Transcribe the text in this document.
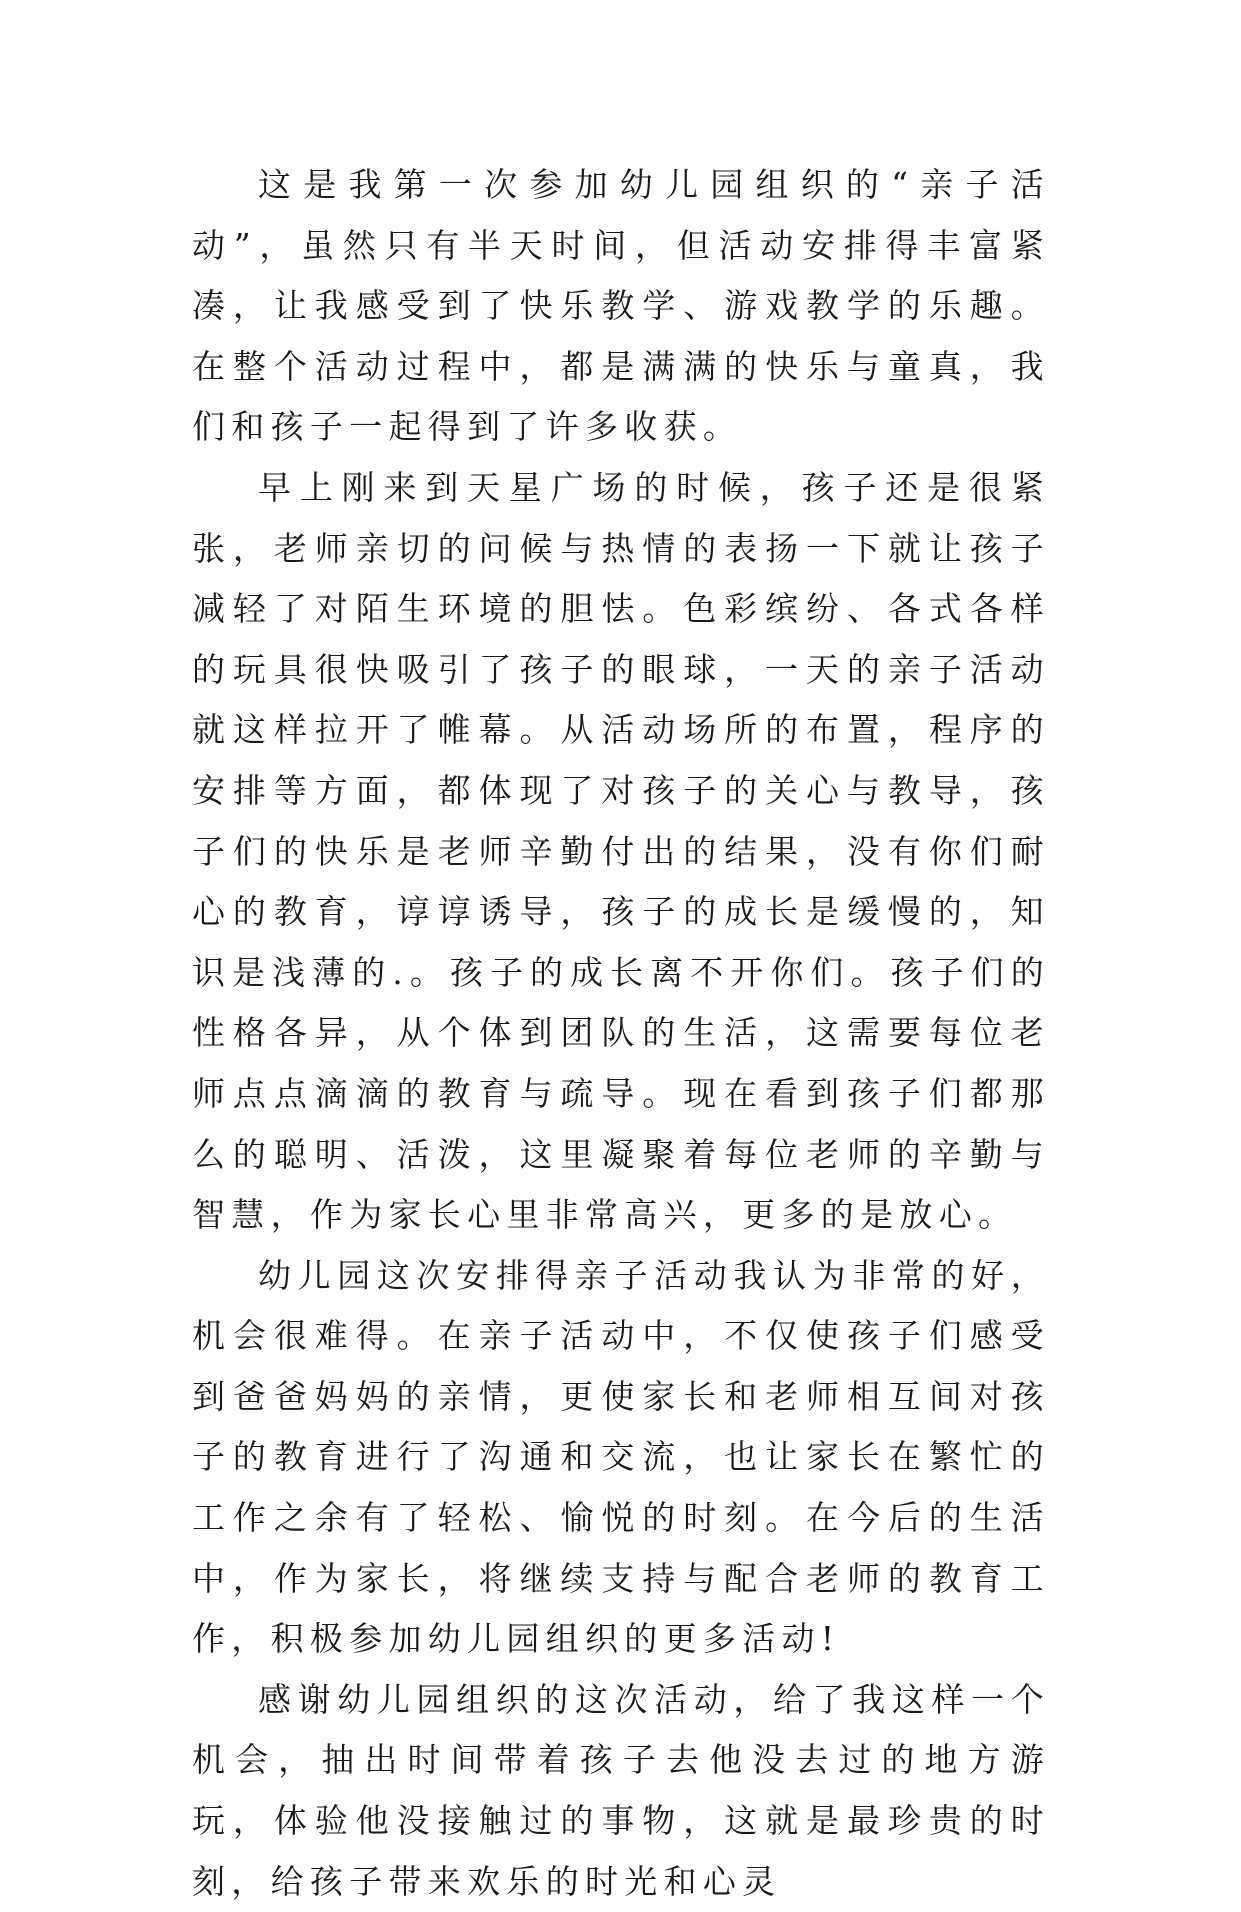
这是我第一次参加幼儿园组织的“亲子活动”，虽然只有半天时间，但活动安排得丰富紧凑，让我感受到了快乐教学、游戏教学的乐趣。在整个活动过程中，都是满满的快乐与童真，我们和孩子一起得到了许多收获。

早上刚来到天星广场的时候，孩子还是很紧张，老师亲切的问候与热情的表扬一下就让孩子减轻了对陌生环境的胆怯。色彩缤纷、各式各样的玩具很快吸引了孩子的眼球，一天的亲子活动就这样拉开了帷幕。从活动场所的布置，程序的安排等方面，都体现了对孩子的关心与教导，孩子们的快乐是老师辛勤付出的结果，没有你们耐心的教育，谆谆诱导，孩子的成长是缓慢的，知识是浅薄的.。孩子的成长离不开你们。孩子们的性格各异，从个体到团队的生活，这需要每位老师点点滴滴的教育与疏导。现在看到孩子们都那么的聪明、活泼，这里凝聚着每位老师的辛勤与智慧，作为家长心里非常高兴，更多的是放心。

幼儿园这次安排得亲子活动我认为非常的好，机会很难得。在亲子活动中，不仅使孩子们感受到爸爸妈妈的亲情，更使家长和老师相互间对孩子的教育进行了沟通和交流，也让家长在繁忙的工作之余有了轻松、愉悦的时刻。在今后的生活中，作为家长，将继续支持与配合老师的教育工作，积极参加幼儿园组织的更多活动!

感谢幼儿园组织的这次活动，给了我这样一个机会，抽出时间带着孩子去他没去过的地方游玩，体验他没接触过的事物，这就是最珍贵的时刻，给孩子带来欢乐的时光和心灵
